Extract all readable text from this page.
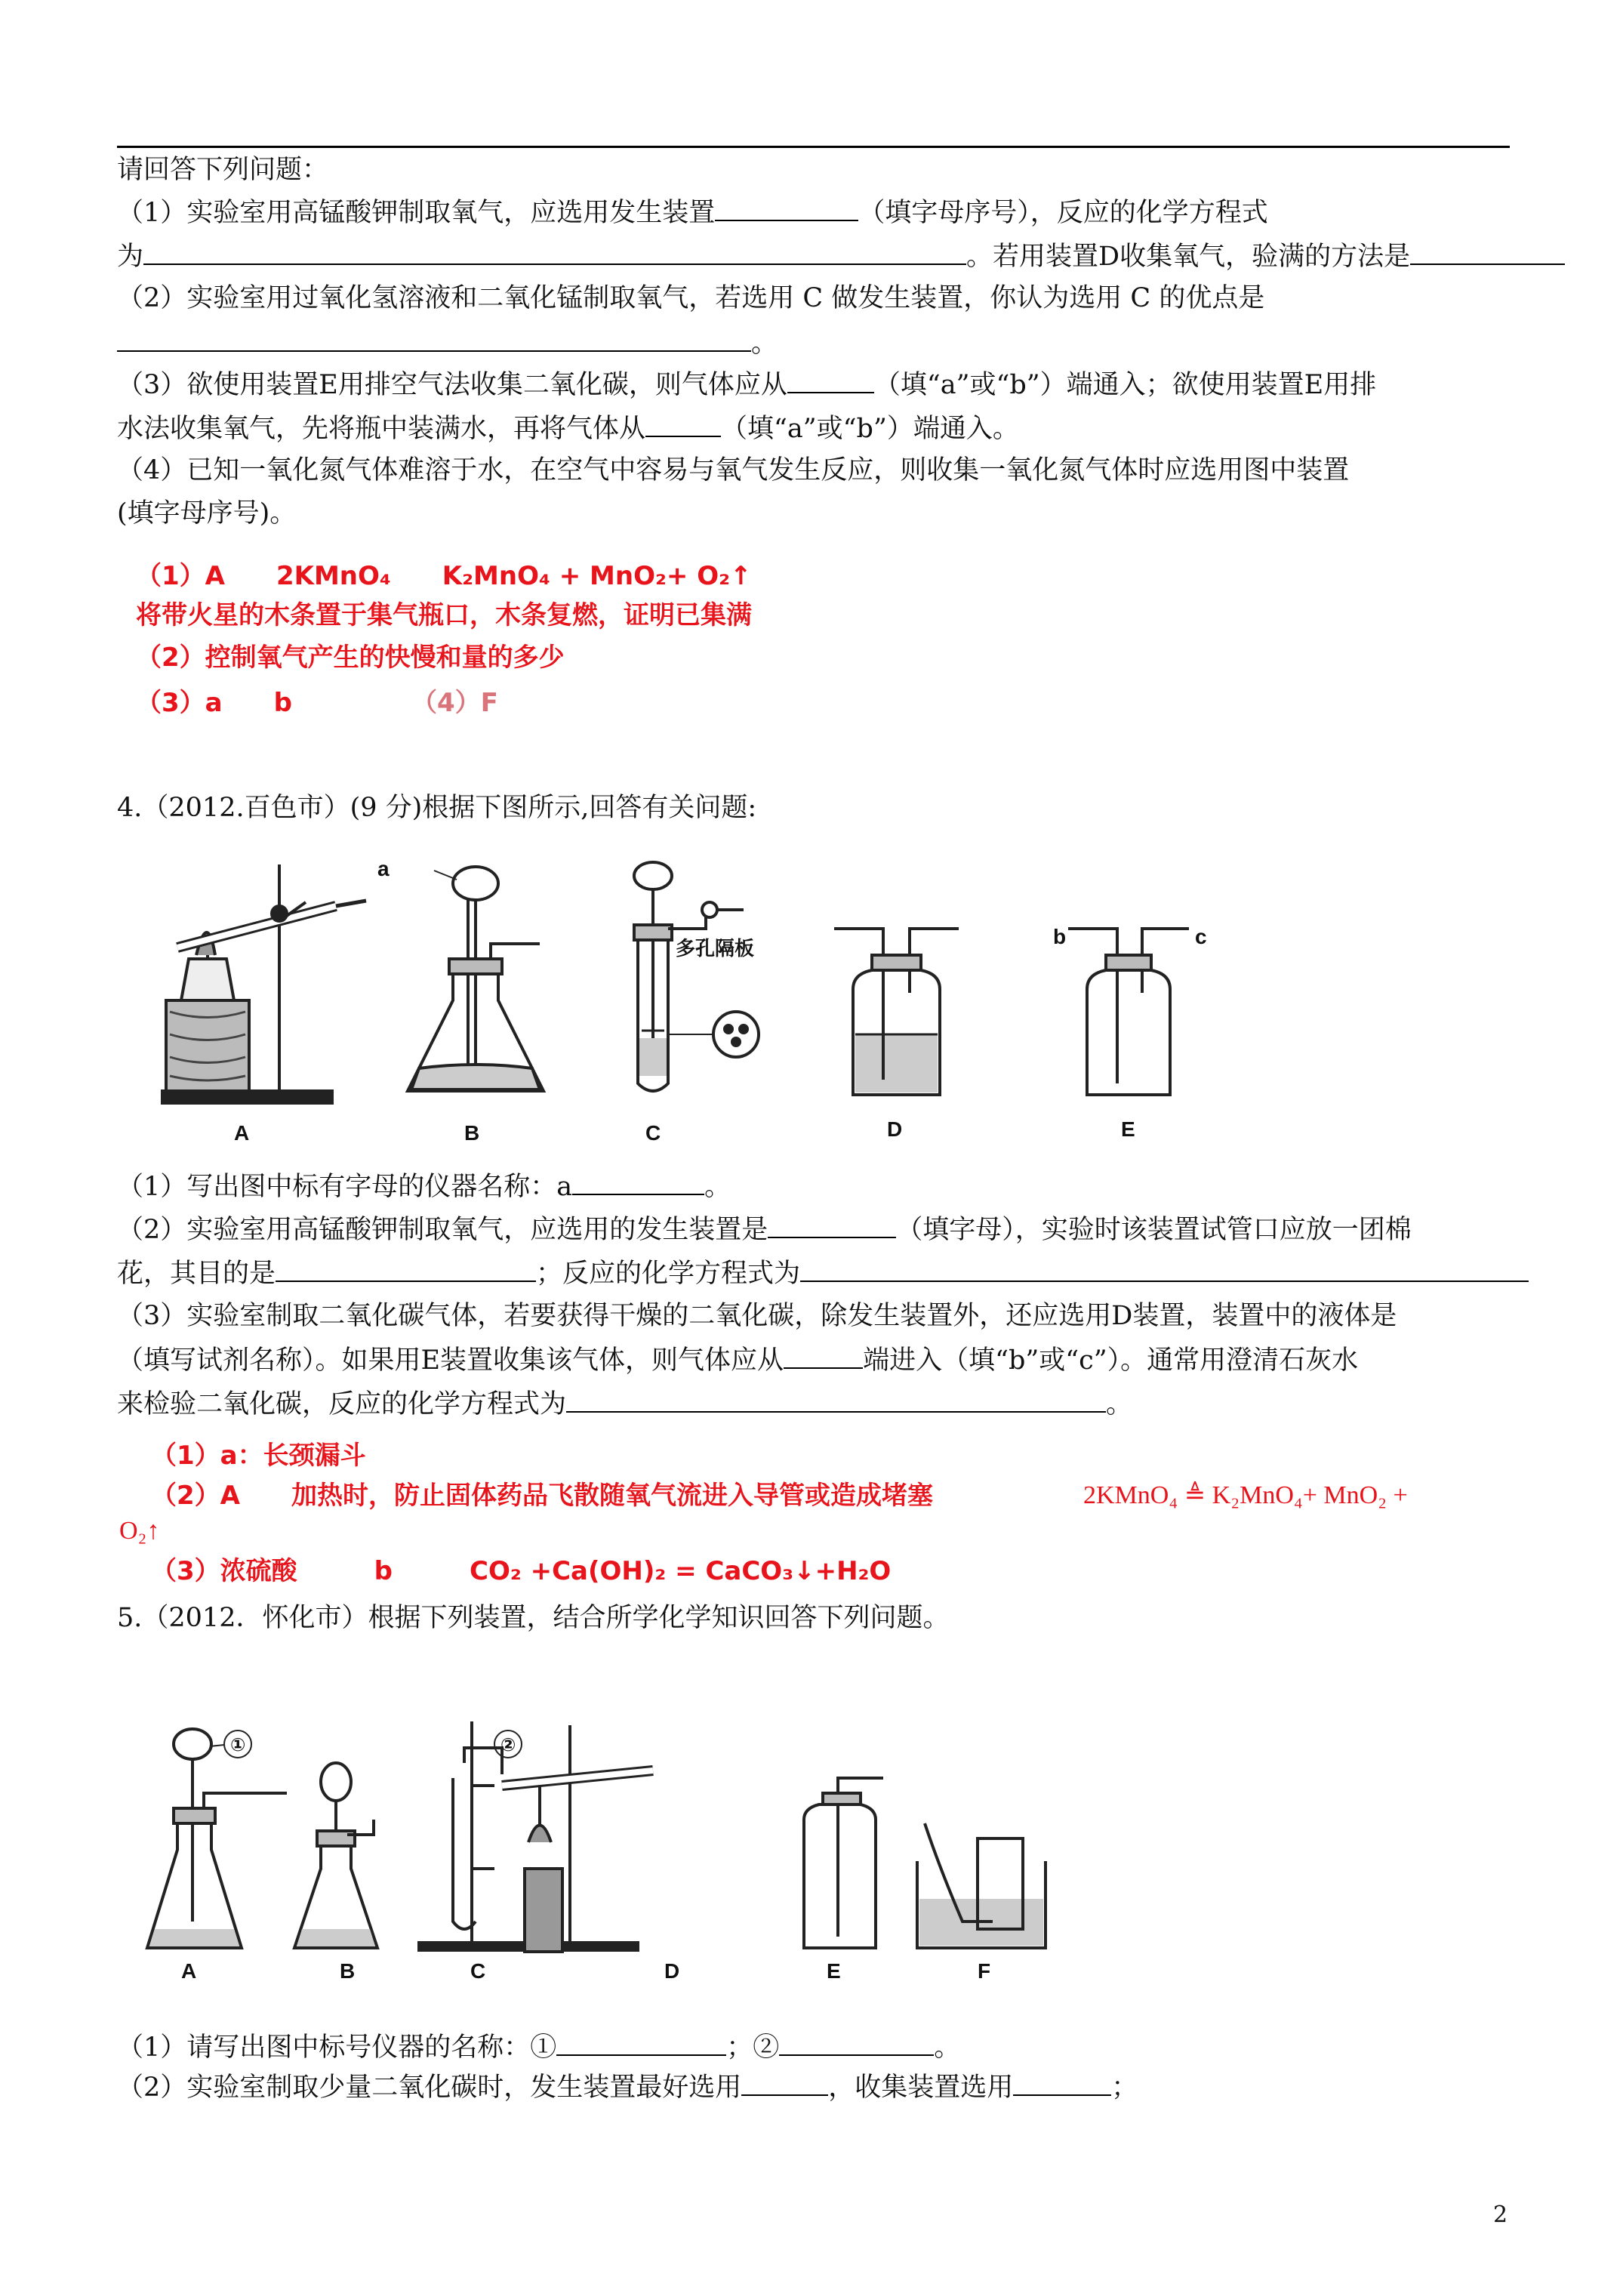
请回答下列问题：
（1）实验室用高锰酸钾制取氧气，应选用发生装置	（填字母序号），反应的化学方程式
为	。若用装置D收集氧气，验满的方法是
（2）实验室用过氧化氢溶液和二氧化锰制取氧气，若选用 C 做发生装置，你认为选用 C 的优点是
。
（3）欲使用装置E用排空气法收集二氧化碳，则气体应从	（填“a”或“b”）端通入；欲使用装置E用排
水法收集氧气，先将瓶中装满水，再将气体从	（填“a”或“b”）端通入。
（4）已知一氧化氮气体难溶于水，在空气中容易与氧气发生反应，则收集一氧化氮气体时应选用图中装置
(填字母序号)。
（1）A　　2KMnO₄　　K₂MnO₄ + MnO₂+ O₂↑
将带火星的木条置于集气瓶口，木条复燃，证明已集满
（2）控制氧气产生的快慢和量的多少
（3）a　　b	（4）F
4.（2012.百色市）(9 分)根据下图所示,回答有关问题:
A	B	C	D	E
a
b	c
多孔隔板
（1）写出图中标有字母的仪器名称：a	。
（2）实验室用高锰酸钾制取氧气，应选用的发生装置是	（填字母），实验时该装置试管口应放一团棉
花，其目的是	；反应的化学方程式为
（3）实验室制取二氧化碳气体，若要获得干燥的二氧化碳，除发生装置外，还应选用D装置，装置中的液体是
（填写试剂名称）。如果用E装置收集该气体，则气体应从	端进入（填“b”或“c”）。通常用澄清石灰水
来检验二氧化碳，反应的化学方程式为	。
（1）a：长颈漏斗
（2）A　　加热时，防止固体药品飞散随氧气流进入导管或造成堵塞	2KMnO₄ ≜ K₂MnO₄+ MnO₂ +
O₂↑
（3）浓硫酸　　　b　　　CO₂ +Ca(OH)₂ = CaCO₃↓+H₂O
5.（2012．怀化市）根据下列装置，结合所学化学知识回答下列问题。
A	B	C	D	E	F
①	②
（1）请写出图中标号仪器的名称：①	；②	。
（2）实验室制取少量二氧化碳时，发生装置最好选用	，收集装置选用	；
2
